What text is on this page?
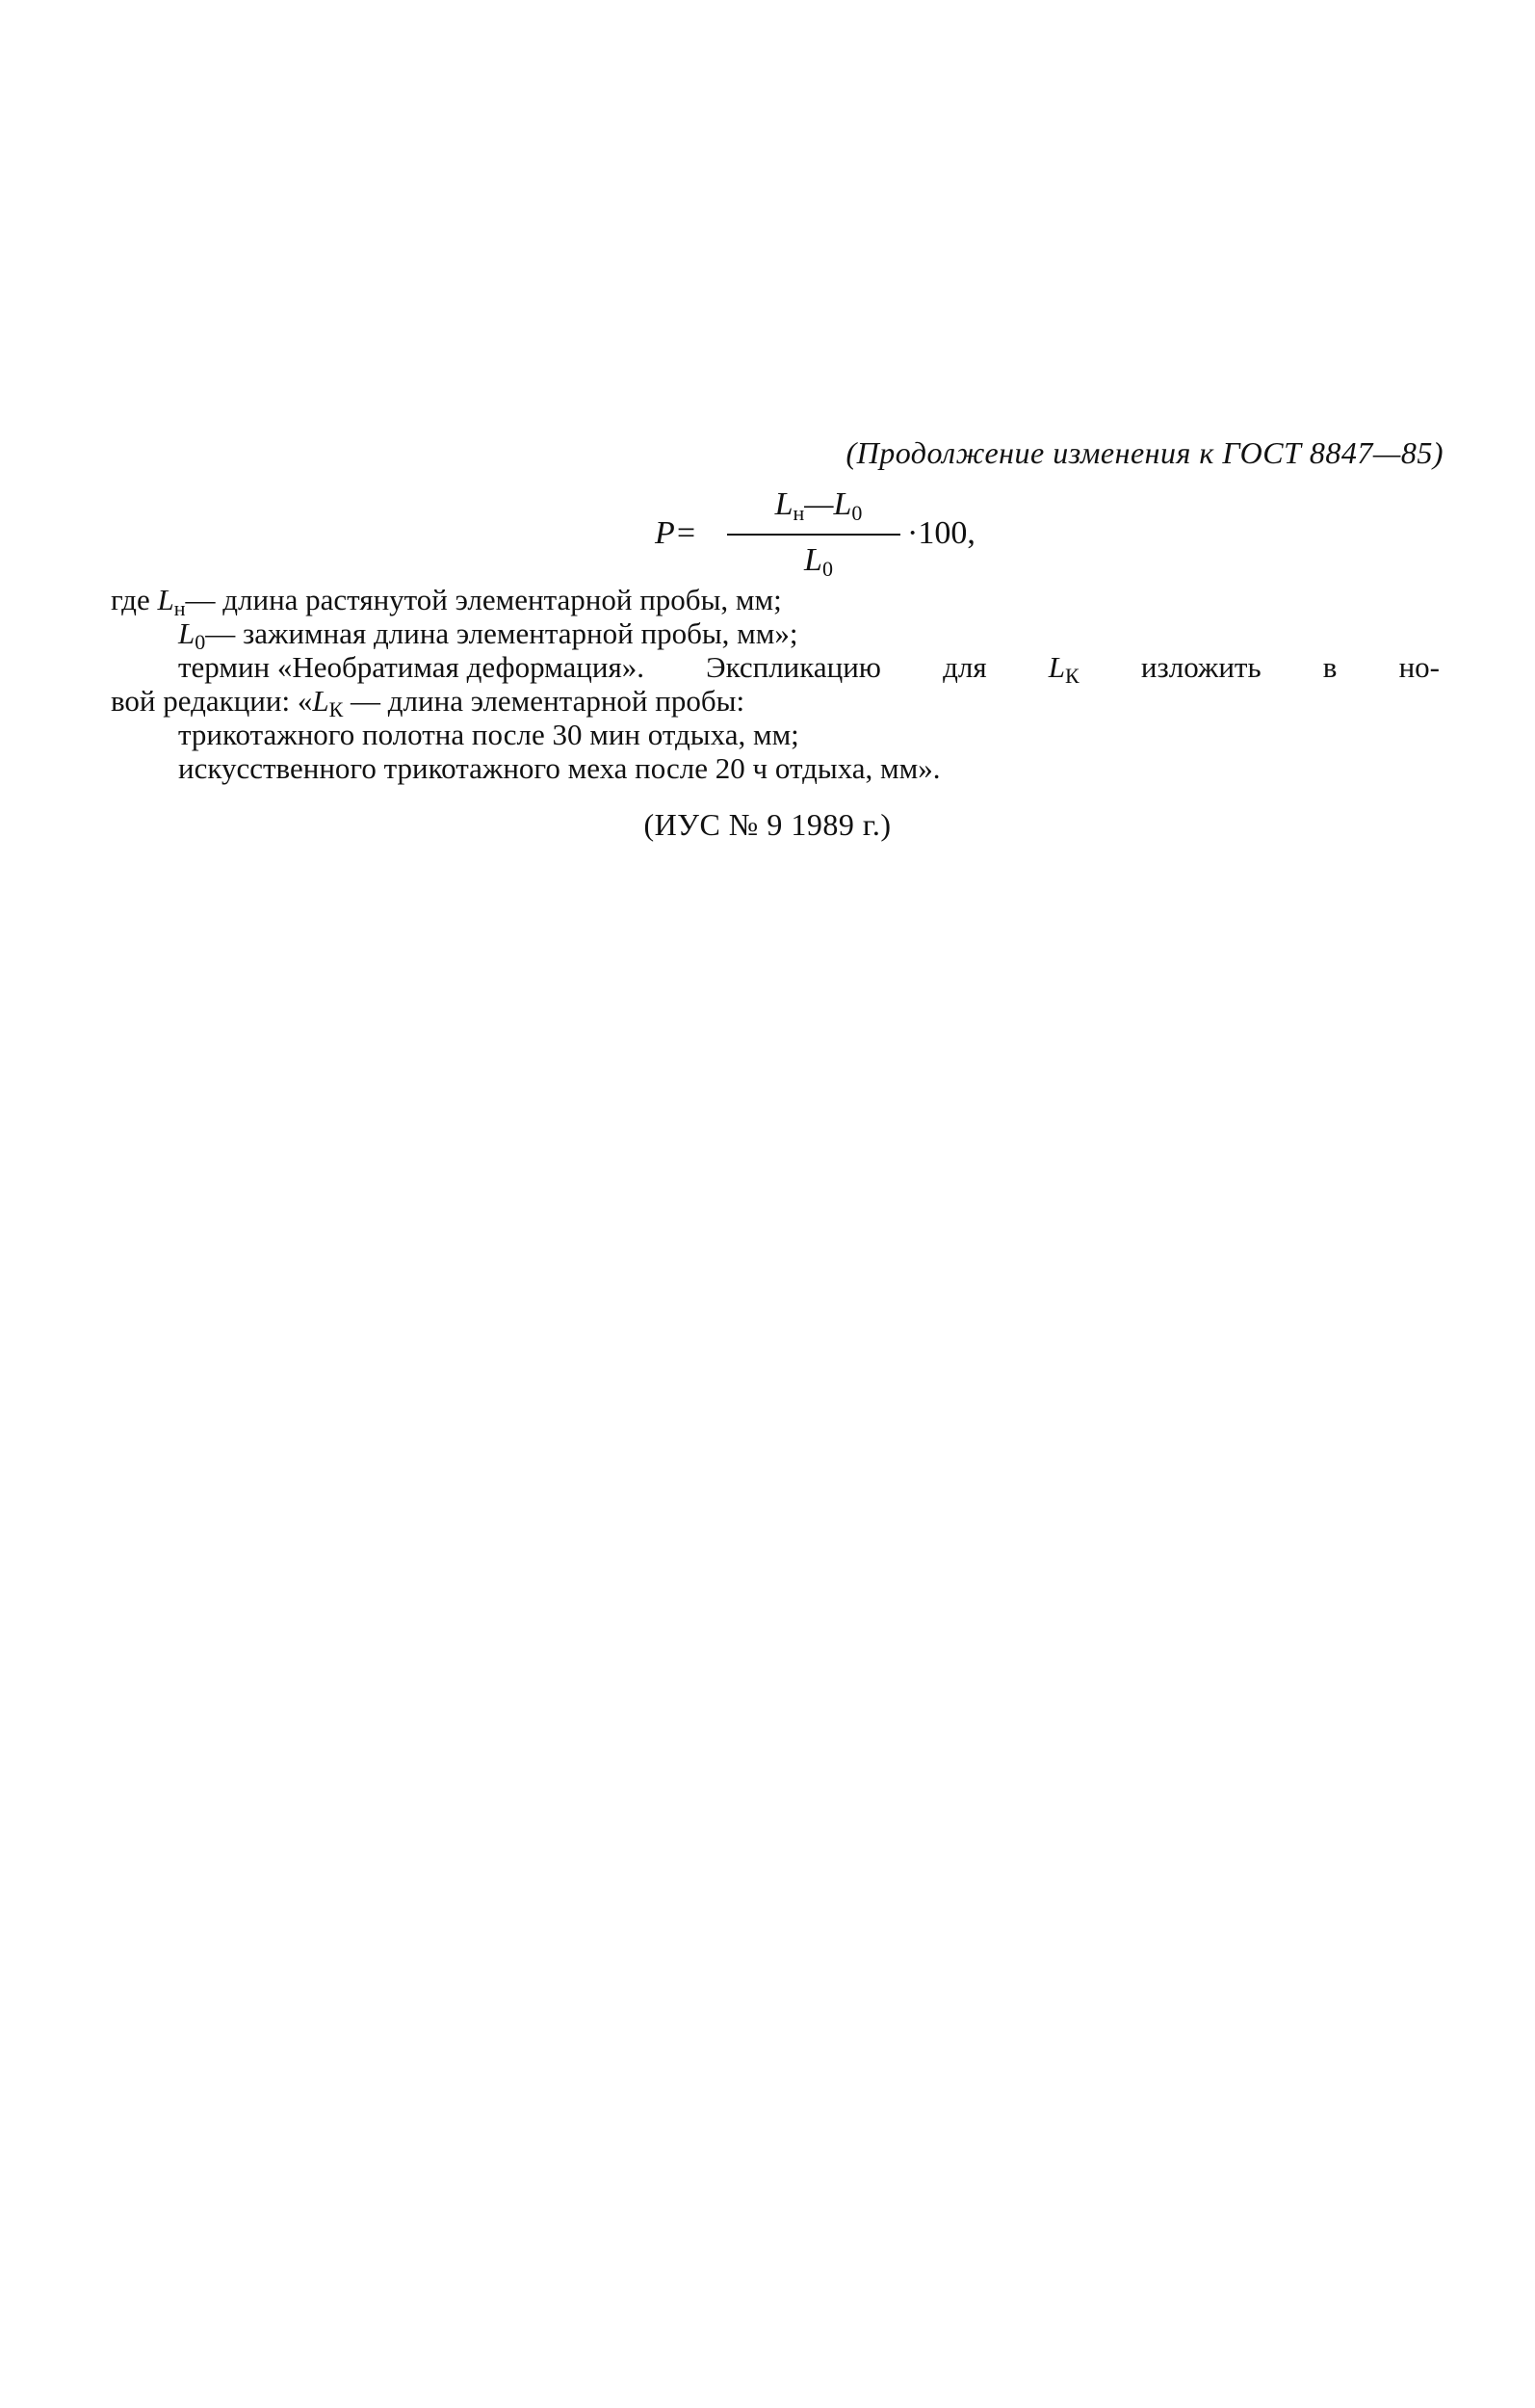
(Продолжение изменения к ГОСТ 8847—85)
P=
$L_н—L_0$
$L_0$
·100,
где $L_н—$ длина растянутой элементарной пробы, мм;
$L_0—$ зажимная длина элементарной пробы, мм»;
термин «Необратимая деформация». Экспликацию для $L_К$ изложить в но-
вой редакции: «$L_К$ — длина элементарной пробы:
трикотажного полотна после 30 мин отдыха, мм;
искусственного трикотажного меха после 20 ч отдыха, мм».
(ИУС № 9 1989 г.)
